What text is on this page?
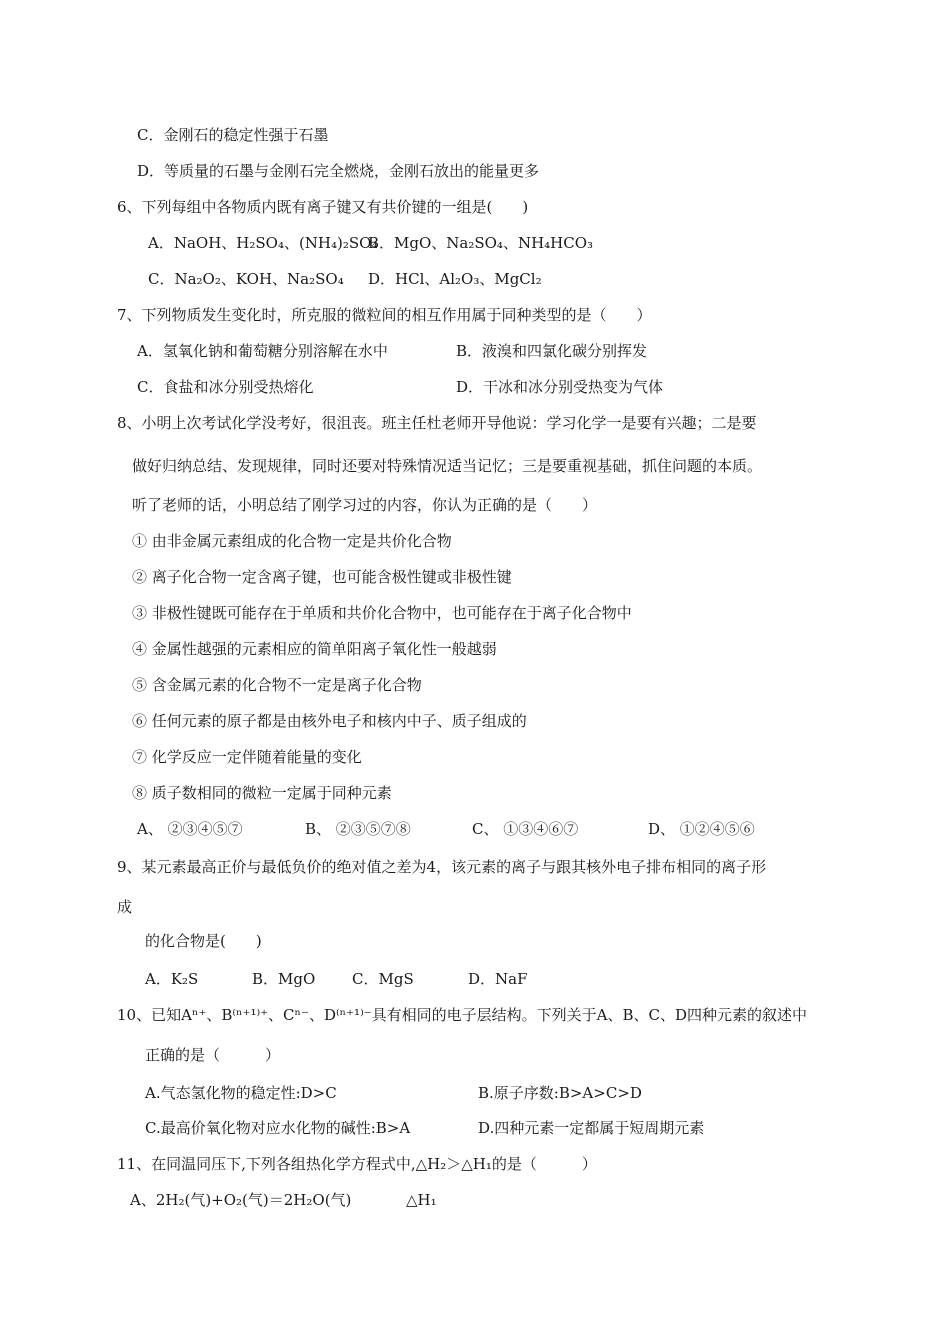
C．金刚石的稳定性强于石墨
D．等质量的石墨与金刚石完全燃烧，金刚石放出的能量更多
6、下列每组中各物质内既有离子键又有共价键的一组是(　　)
A．NaOH、H₂SO₄、(NH₄)₂SO₄
B．MgO、Na₂SO₄、NH₄HCO₃
C．Na₂O₂、KOH、Na₂SO₄ D．HCl、Al₂O₃、MgCl₂
7、下列物质发生变化时，所克服的微粒间的相互作用属于同种类型的是（　　）
A．氢氧化钠和葡萄糖分别溶解在水中	B．液溴和四氯化碳分别挥发
C．食盐和冰分别受热熔化	D．干冰和冰分别受热变为气体
8、小明上次考试化学没考好，很沮丧。班主任杜老师开导他说：学习化学一是要有兴趣；二是要
做好归纳总结、发现规律，同时还要对特殊情况适当记忆；三是要重视基础，抓住问题的本质。
听了老师的话，小明总结了刚学习过的内容，你认为正确的是（　　）
① 由非金属元素组成的化合物一定是共价化合物
② 离子化合物一定含离子键，也可能含极性键或非极性键
③ 非极性键既可能存在于单质和共价化合物中，也可能存在于离子化合物中
④ 金属性越强的元素相应的简单阳离子氧化性一般越弱
⑤ 含金属元素的化合物不一定是离子化合物
⑥ 任何元素的原子都是由核外电子和核内中子、质子组成的
⑦ 化学反应一定伴随着能量的变化
⑧ 质子数相同的微粒一定属于同种元素
A、 ②③④⑤⑦	B、 ②③⑤⑦⑧	C、 ①③④⑥⑦	D、 ①②④⑤⑥
9、某元素最高正价与最低负价的绝对值之差为4，该元素的离子与跟其核外电子排布相同的离子形
成
的化合物是(　　)
A．K₂S	B．MgO C．MgS	D．NaF
10、已知Aⁿ⁺、B⁽ⁿ⁺¹⁾⁺、Cⁿ⁻、D⁽ⁿ⁺¹⁾⁻具有相同的电子层结构。下列关于A、B、C、D四种元素的叙述中
正确的是（　　　）
A.气态氢化物的稳定性:D>C	B.原子序数:B>A>C>D
C.最高价氧化物对应水化物的碱性:B>A	D.四种元素一定都属于短周期元素
11、在同温同压下,下列各组热化学方程式中,△H₂＞△H₁的是（　　　）
A、2H₂(气)+O₂(气)＝2H₂O(气)	△H₁
